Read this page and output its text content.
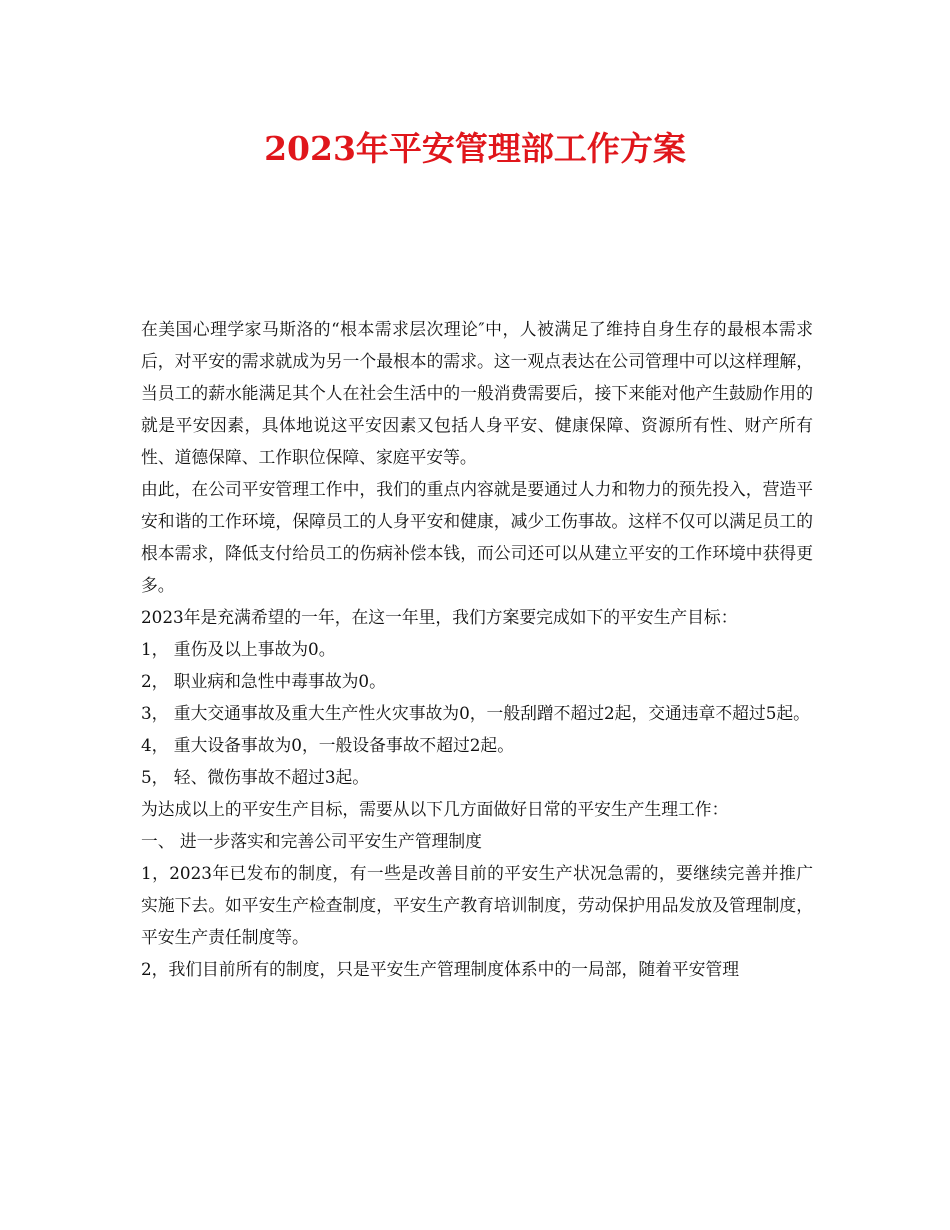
2023年平安管理部工作方案

在美国心理学家马斯洛的“根本需求层次理论″中，人被满足了维持自身生存的最根本需求后，对平安的需求就成为另一个最根本的需求。这一观点表达在公司管理中可以这样理解，当员工的薪水能满足其个人在社会生活中的一般消费需要后，接下来能对他产生鼓励作用的就是平安因素，具体地说这平安因素又包括人身平安、健康保障、资源所有性、财产所有性、道德保障、工作职位保障、家庭平安等。

由此，在公司平安管理工作中，我们的重点内容就是要通过人力和物力的预先投入，营造平安和谐的工作环境，保障员工的人身平安和健康，减少工伤事故。这样不仅可以满足员工的根本需求，降低支付给员工的伤病补偿本钱，而公司还可以从建立平安的工作环境中获得更多。

2023年是充满希望的一年，在这一年里，我们方案要完成如下的平安生产目标：

1， 重伤及以上事故为0。

2， 职业病和急性中毒事故为0。

3， 重大交通事故及重大生产性火灾事故为0，一般刮蹭不超过2起，交通违章不超过5起。

4， 重大设备事故为0，一般设备事故不超过2起。

5， 轻、微伤事故不超过3起。

为达成以上的平安生产目标，需要从以下几方面做好日常的平安生产生理工作：

一、 进一步落实和完善公司平安生产管理制度

1，2023年已发布的制度，有一些是改善目前的平安生产状况急需的，要继续完善并推广实施下去。如平安生产检查制度，平安生产教育培训制度，劳动保护用品发放及管理制度，平安生产责任制度等。

2，我们目前所有的制度，只是平安生产管理制度体系中的一局部，随着平安管理
